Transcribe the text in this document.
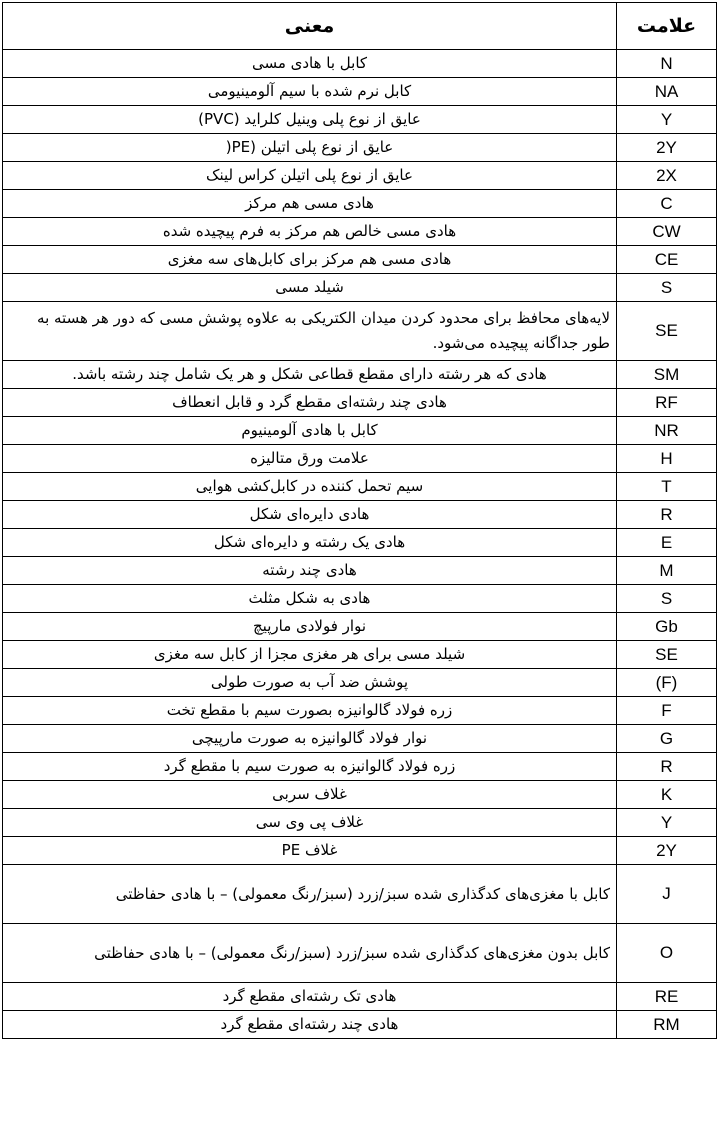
معنی	علامت
کابل با هادی مسی	N
کابل نرم شده با سیم آلومینیومی	NA
عایق از نوع پلی وینیل کلراید (PVC)	Y
عایق از نوع پلی اتیلن (PE(	2Y
عایق از نوع پلی اتیلن کراس لینک	2X
هادی مسی هم مرکز	C
هادی مسی خالص هم مرکز به فرم پیچیده شده	CW
هادی مسی هم مرکز برای کابل‌های سه مغزی	CE
شیلد مسی	S
لایه‌های محافظ برای محدود کردن میدان الکتریکی به علاوه پوشش مسی که دور هر هسته به طور جداگانه پیچیده می‌شود.	SE
هادی که هر رشته دارای مقطع قطاعی شکل و هر یک شامل چند رشته باشد.	SM
هادی چند رشته‌ای مقطع گرد و قابل انعطاف	RF
کابل با هادی آلومینیوم	NR
علامت ورق متالیزه	H
سیم تحمل کننده در کابل‌کشی هوایی	T
هادی دایره‌ای شکل	R
هادی یک رشته و دایره‌ای شکل	E
هادی چند رشته	M
هادی به شکل مثلث	S
نوار فولادی مارپیچ	Gb
شیلد مسی برای هر مغزی مجزا از کابل سه مغزی	SE
پوشش ضد آب به صورت طولی	(F)
زره فولاد گالوانیزه بصورت سیم با مقطع تخت	F
نوار فولاد گالوانیزه به صورت مارپیچی	G
زره فولاد گالوانیزه به صورت سیم با مقطع گرد	R
غلاف سربی	K
غلاف پی وی سی	Y
غلاف PE	2Y
کابل با مغزی‌های کدگذاری شده سبز/زرد (سبز/رنگ معمولی) – با هادی حفاظتی	J
کابل بدون مغزی‌های کدگذاری شده سبز/زرد (سبز/رنگ معمولی) – با هادی حفاظتی	O
هادی تک رشته‌ای مقطع گرد	RE
هادی چند رشته‌ای مقطع گرد	RM
